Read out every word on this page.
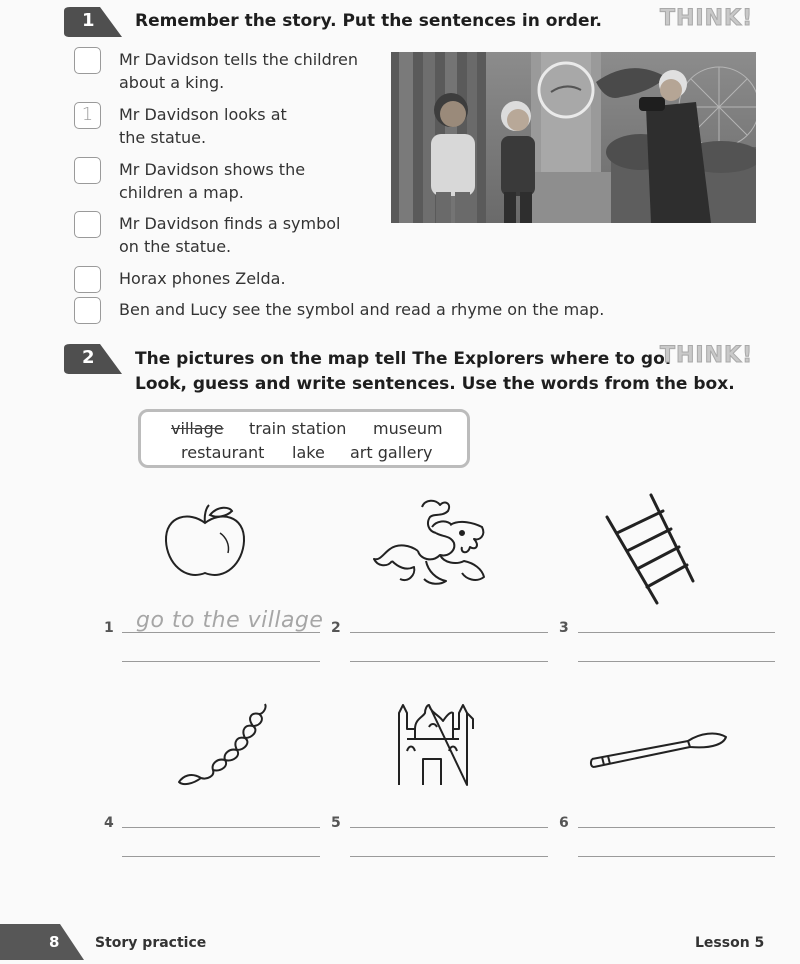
1 Remember the story. Put the sentences in order.	THINK!
Mr Davidson tells the children
about a king.
1	Mr Davidson looks at
the statue.
Mr Davidson shows the
children a map.
Mr Davidson finds a symbol
on the statue.
Horax phones Zelda.
Ben and Lucy see the symbol and read a rhyme on the map.
2 The pictures on the map tell The Explorers where to go.
Look, guess and write sentences. Use the words from the box.
THINK!
village train station museum
restaurant lake art gallery
1 go to the village 2	3
4	5	6
8	Story practice	Lesson 5
